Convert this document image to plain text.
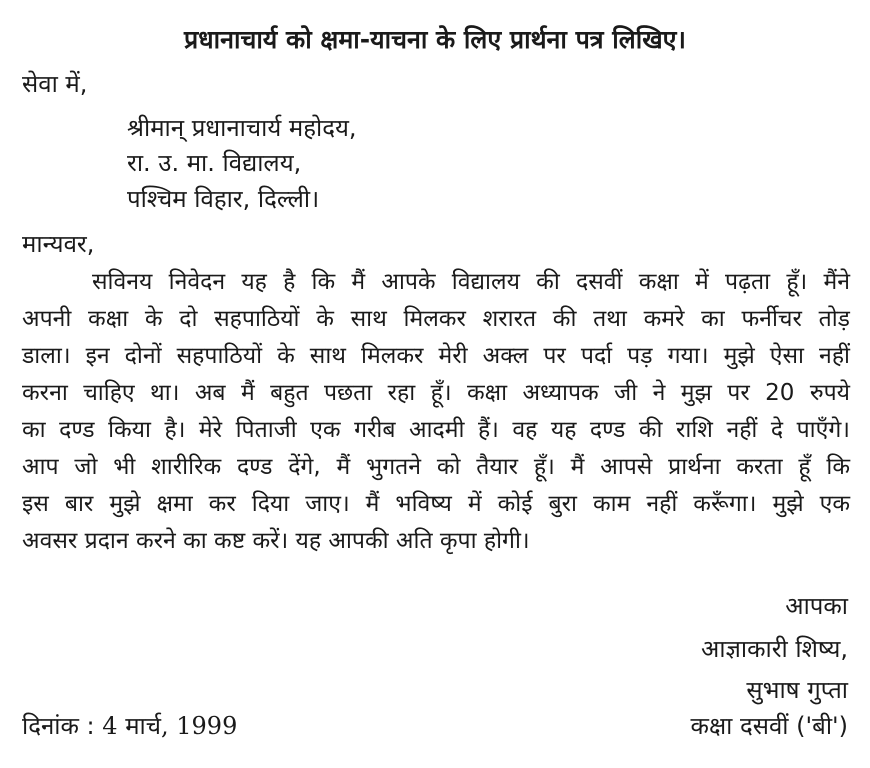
प्रधानाचार्य को क्षमा-याचना के लिए प्रार्थना पत्र लिखिए।
सेवा में,
श्रीमान् प्रधानाचार्य महोदय,
रा. उ. मा. विद्यालय,
पश्चिम विहार, दिल्ली।
मान्यवर,
सविनय निवेदन यह है कि मैं आपके विद्यालय की दसवीं कक्षा में पढ़ता हूँ। मैंने
अपनी कक्षा के दो सहपाठियों के साथ मिलकर शरारत की तथा कमरे का फर्नीचर तोड़
डाला। इन दोनों सहपाठियों के साथ मिलकर मेरी अक्ल पर पर्दा पड़ गया। मुझे ऐसा नहीं
करना चाहिए था। अब मैं बहुत पछता रहा हूँ। कक्षा अध्यापक जी ने मुझ पर 20 रुपये
का दण्ड किया है। मेरे पिताजी एक गरीब आदमी हैं। वह यह दण्ड की राशि नहीं दे पाएँगे।
आप जो भी शारीरिक दण्ड देंगे, मैं भुगतने को तैयार हूँ। मैं आपसे प्रार्थना करता हूँ कि
इस बार मुझे क्षमा कर दिया जाए। मैं भविष्य में कोई बुरा काम नहीं करूँगा। मुझे एक
अवसर प्रदान करने का कष्ट करें। यह आपकी अति कृपा होगी।
आपका
आज्ञाकारी शिष्य,
सुभाष गुप्ता
कक्षा दसवीं ('बी')
दिनांक : 4 मार्च, 1999
